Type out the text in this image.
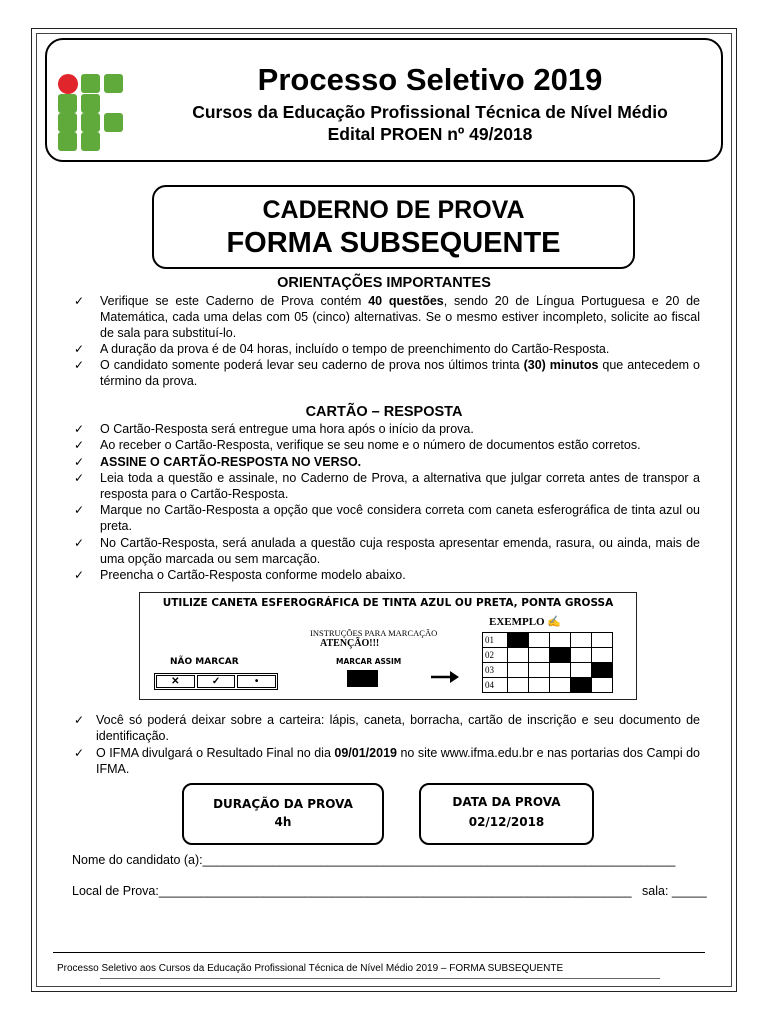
Processo Seletivo 2019
Cursos da Educação Profissional Técnica de Nível Médio
Edital PROEN nº 49/2018
CADERNO DE PROVA
FORMA SUBSEQUENTE
ORIENTAÇÕES IMPORTANTES
✓	Verifique se este Caderno de Prova contém 40 questões, sendo 20 de Língua Portuguesa e 20 de Matemática, cada uma delas com 05 (cinco) alternativas. Se o mesmo estiver incompleto, solicite ao fiscal de sala para substituí-lo.
✓	A duração da prova é de 04 horas, incluído o tempo de preenchimento do Cartão-Resposta.
✓	O candidato somente poderá levar seu caderno de prova nos últimos trinta (30) minutos que antecedem o término da prova.
CARTÃO – RESPOSTA
✓	O Cartão-Resposta será entregue uma hora após o início da prova.
✓	Ao receber o Cartão-Resposta, verifique se seu nome e o número de documentos estão corretos.
✓	ASSINE O CARTÃO-RESPOSTA NO VERSO.
✓	Leia toda a questão e assinale, no Caderno de Prova, a alternativa que julgar correta antes de transpor a resposta para o Cartão-Resposta.
✓	Marque no Cartão-Resposta a opção que você considera correta com caneta esferográfica de tinta azul ou preta.
✓	No Cartão-Resposta, será anulada a questão cuja resposta apresentar emenda, rasura, ou ainda, mais de uma opção marcada ou sem marcação.
✓	Preencha o Cartão-Resposta conforme modelo abaixo.
UTILIZE CANETA ESFEROGRÁFICA DE TINTA AZUL OU PRETA, PONTA GROSSA
EXEMPLO ✍
INSTRUÇÕES PARA MARCAÇÃO
ATENÇÃO!!!
MARCAR ASSIM
NÃO MARCAR
✕	✓	•
01					
02					
03					
04					
✓ Você só poderá deixar sobre a carteira: lápis, caneta, borracha, cartão de inscrição e seu documento de identificação.
✓ O IFMA divulgará o Resultado Final no dia 09/01/2019 no site www.ifma.edu.br e nas portarias dos Campi do IFMA.
DURAÇÃO DA PROVA
4h
DATA DA PROVA
02/12/2018
Nome do candidato (a):____________________________________________________________________
Local de Prova:____________________________________________________________________   sala: _____
Processo Seletivo aos Cursos da Educação Profissional Técnica de Nível Médio 2019 – FORMA SUBSEQUENTE
